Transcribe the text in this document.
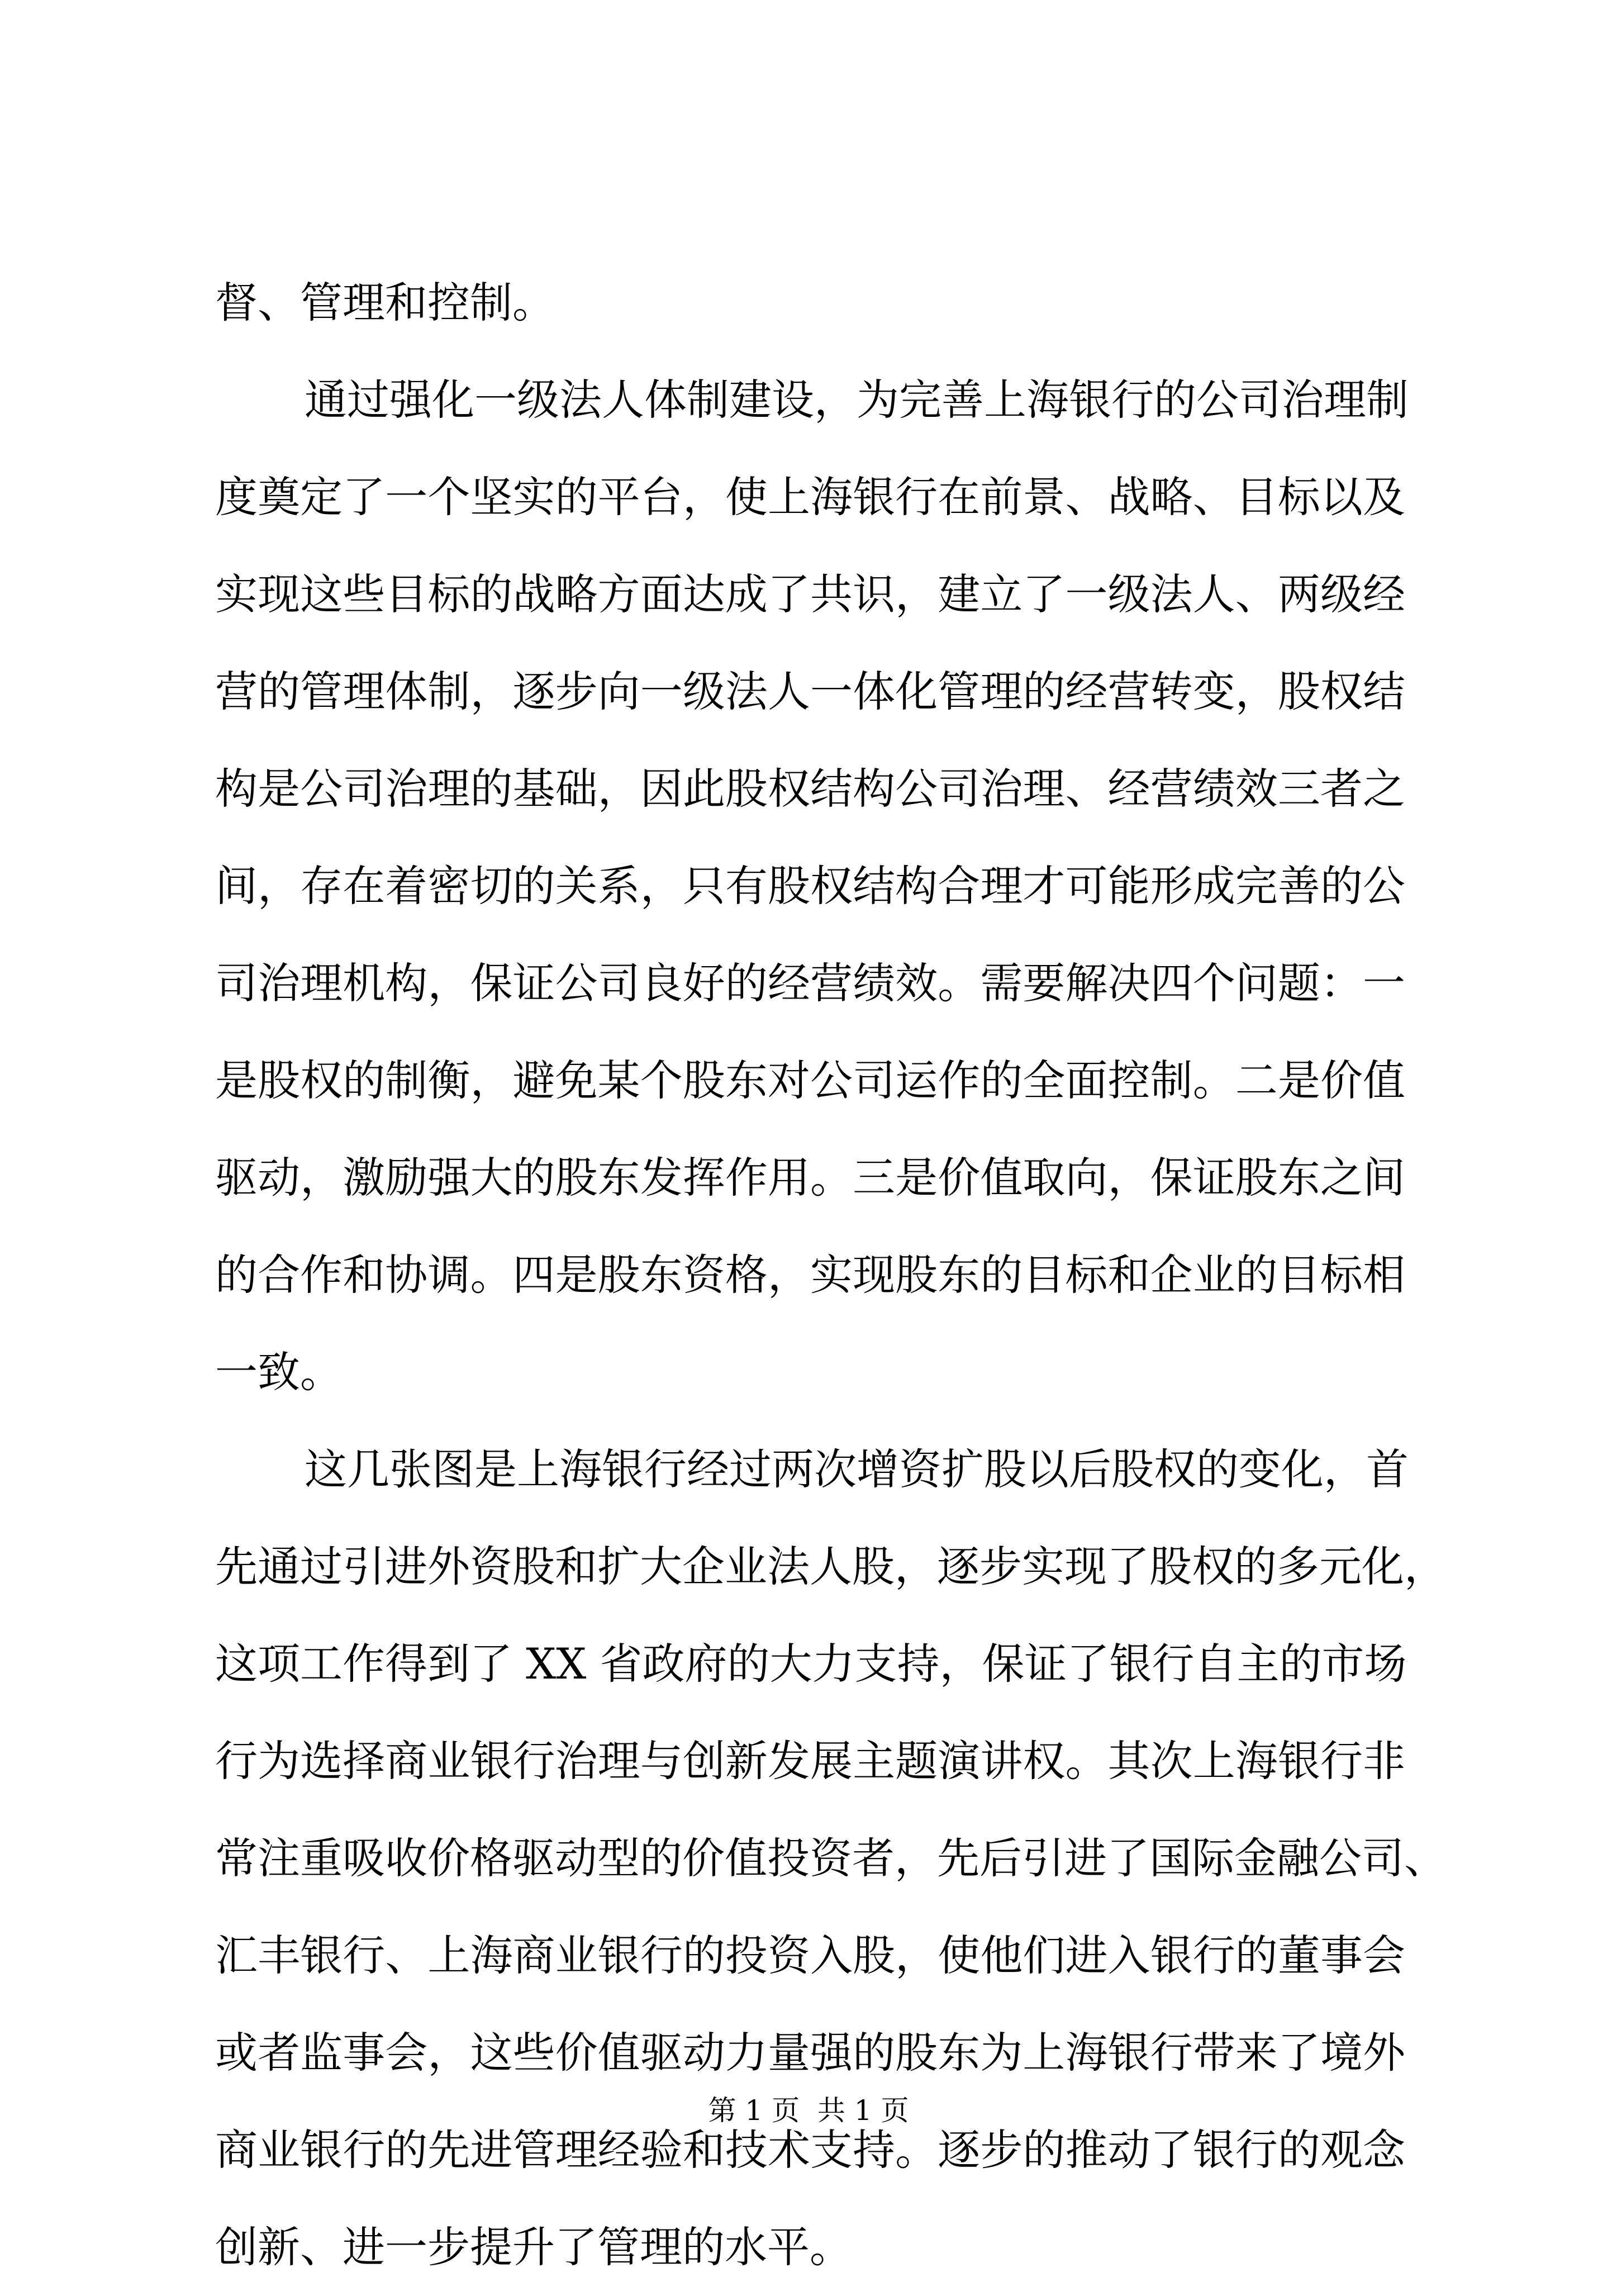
督、管理和控制。
通过强化一级法人体制建设，为完善上海银行的公司治理制
度奠定了一个坚实的平台，使上海银行在前景、战略、目标以及
实现这些目标的战略方面达成了共识，建立了一级法人、两级经
营的管理体制，逐步向一级法人一体化管理的经营转变，股权结
构是公司治理的基础，因此股权结构公司治理、经营绩效三者之
间，存在着密切的关系，只有股权结构合理才可能形成完善的公
司治理机构，保证公司良好的经营绩效。需要解决四个问题：一
是股权的制衡，避免某个股东对公司运作的全面控制。二是价值
驱动，激励强大的股东发挥作用。三是价值取向，保证股东之间
的合作和协调。四是股东资格，实现股东的目标和企业的目标相
一致。
这几张图是上海银行经过两次增资扩股以后股权的变化，首
先通过引进外资股和扩大企业法人股，逐步实现了股权的多元化，
这项工作得到了 XX 省政府的大力支持，保证了银行自主的市场
行为选择商业银行治理与创新发展主题演讲权。其次上海银行非
常注重吸收价格驱动型的价值投资者，先后引进了国际金融公司、
汇丰银行、上海商业银行的投资入股，使他们进入银行的董事会
或者监事会，这些价值驱动力量强的股东为上海银行带来了境外
商业银行的先进管理经验和技术支持。逐步的推动了银行的观念
创新、进一步提升了管理的水平。
第 1 页 共 1 页
